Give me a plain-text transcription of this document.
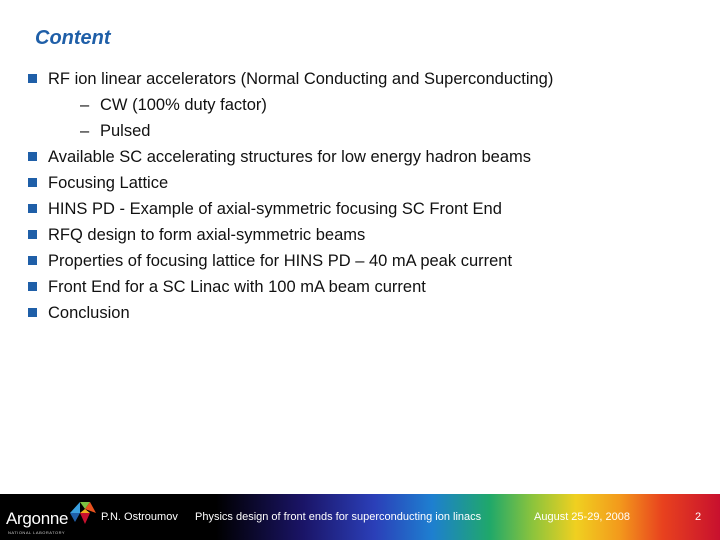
Content
RF ion linear accelerators (Normal Conducting and Superconducting)
– CW (100% duty factor)
– Pulsed
Available SC accelerating structures for low energy hadron beams
Focusing Lattice
HINS PD - Example of axial-symmetric focusing SC Front End
RFQ design to form axial-symmetric beams
Properties of focusing lattice for HINS PD – 40 mA peak current
Front End for a SC Linac with 100 mA beam current
Conclusion
Argonne
NATIONAL LABORATORY
P.N. Ostroumov Physics design of front ends for superconducting ion linacs	August 25-29, 2008	2
